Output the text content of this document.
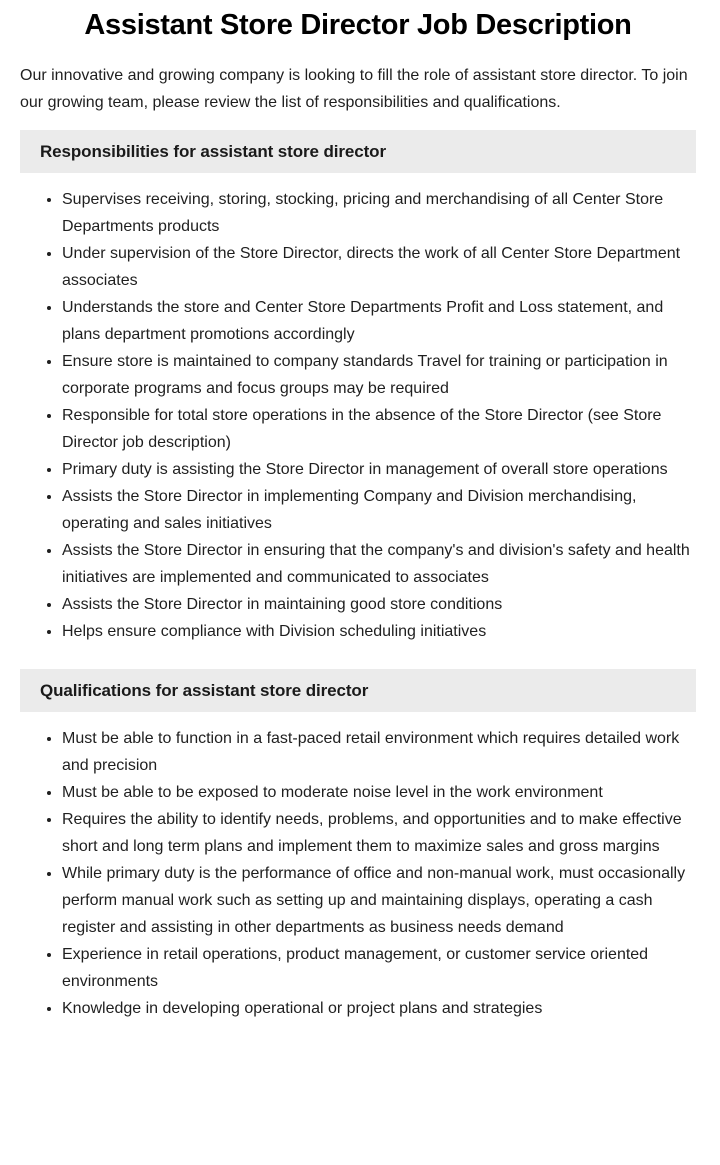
Assistant Store Director Job Description

Our innovative and growing company is looking to fill the role of assistant store director. To join our growing team, please review the list of responsibilities and qualifications.

Responsibilities for assistant store director
• Supervises receiving, storing, stocking, pricing and merchandising of all Center Store Departments products
• Under supervision of the Store Director, directs the work of all Center Store Department associates
• Understands the store and Center Store Departments Profit and Loss statement, and plans department promotions accordingly
• Ensure store is maintained to company standards Travel for training or participation in corporate programs and focus groups may be required
• Responsible for total store operations in the absence of the Store Director (see Store Director job description)
• Primary duty is assisting the Store Director in management of overall store operations
• Assists the Store Director in implementing Company and Division merchandising, operating and sales initiatives
• Assists the Store Director in ensuring that the company's and division's safety and health initiatives are implemented and communicated to associates
• Assists the Store Director in maintaining good store conditions
• Helps ensure compliance with Division scheduling initiatives
Qualifications for assistant store director
• Must be able to function in a fast-paced retail environment which requires detailed work and precision
• Must be able to be exposed to moderate noise level in the work environment
• Requires the ability to identify needs, problems, and opportunities and to make effective short and long term plans and implement them to maximize sales and gross margins
• While primary duty is the performance of office and non-manual work, must occasionally perform manual work such as setting up and maintaining displays, operating a cash register and assisting in other departments as business needs demand
• Experience in retail operations, product management, or customer service oriented environments
• Knowledge in developing operational or project plans and strategies
